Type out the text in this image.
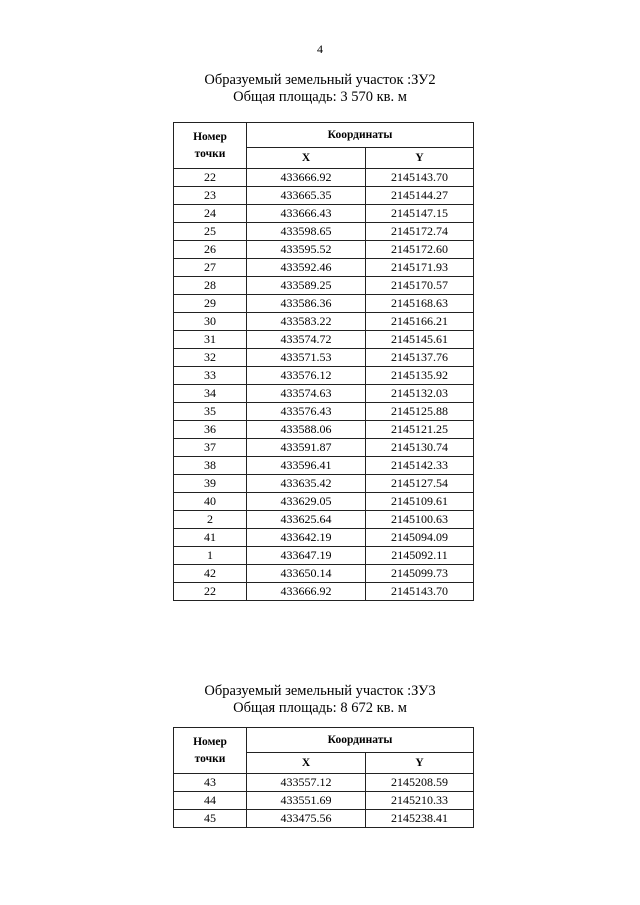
4
Образуемый земельный участок :ЗУ2
Общая площадь: 3 570 кв. м
Номер
точки	Координаты	
	X	Y
22	433666.92	2145143.70
23	433665.35	2145144.27
24	433666.43	2145147.15
25	433598.65	2145172.74
26	433595.52	2145172.60
27	433592.46	2145171.93
28	433589.25	2145170.57
29	433586.36	2145168.63
30	433583.22	2145166.21
31	433574.72	2145145.61
32	433571.53	2145137.76
33	433576.12	2145135.92
34	433574.63	2145132.03
35	433576.43	2145125.88
36	433588.06	2145121.25
37	433591.87	2145130.74
38	433596.41	2145142.33
39	433635.42	2145127.54
40	433629.05	2145109.61
2	433625.64	2145100.63
41	433642.19	2145094.09
1	433647.19	2145092.11
42	433650.14	2145099.73
22	433666.92	2145143.70
Образуемый земельный участок :ЗУ3
Общая площадь: 8 672 кв. м
Номер
точки	Координаты	
	X	Y
43	433557.12	2145208.59
44	433551.69	2145210.33
45	433475.56	2145238.41
